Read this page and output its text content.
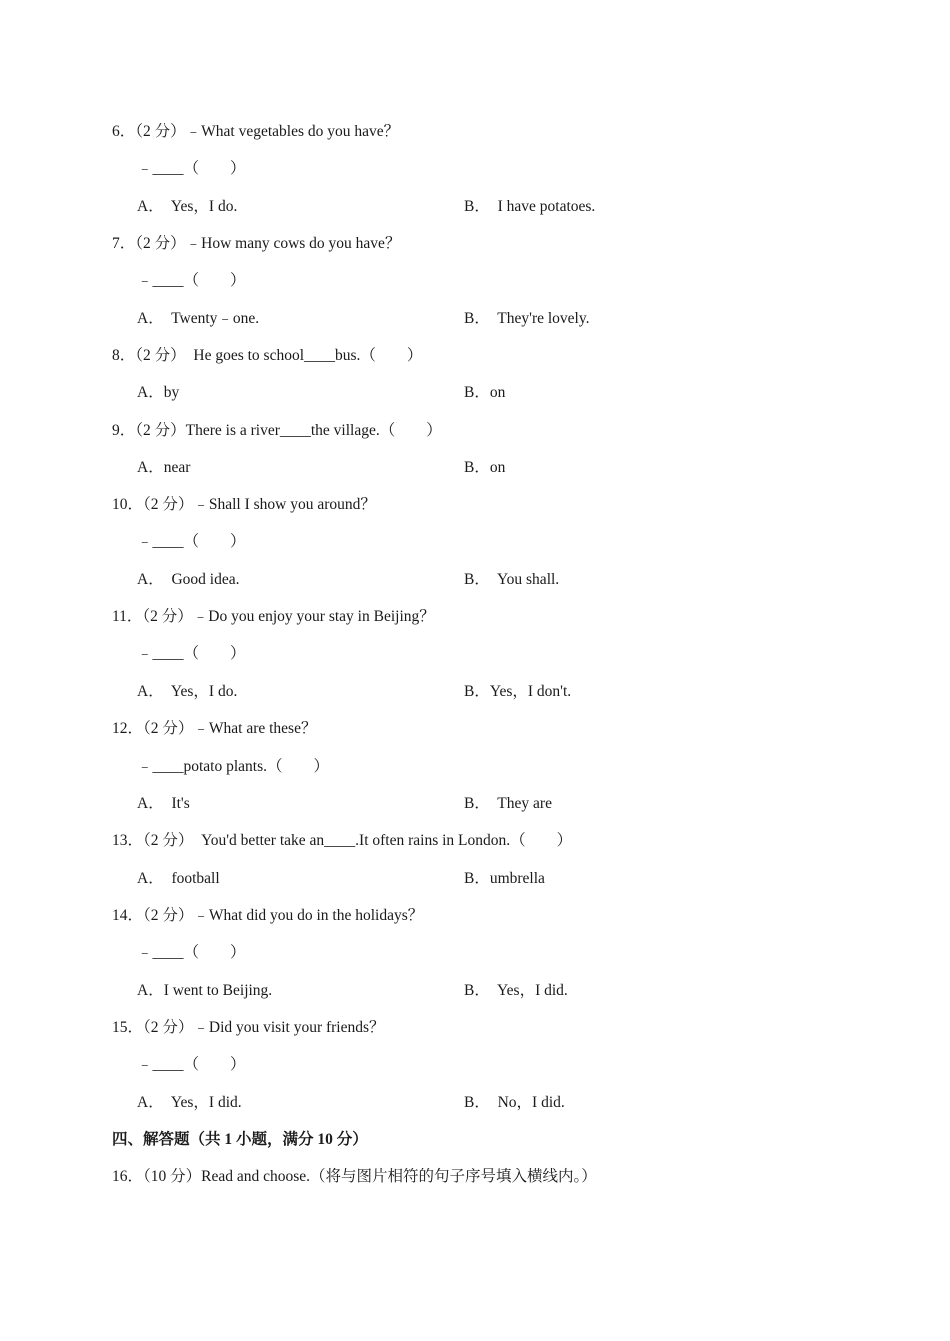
6．（2 分）﹣What vegetables do you have？
﹣____（　　）
A．  Yes，I do.	B．  I have potatoes.
7．（2 分）﹣How many cows do you have？
﹣____（　　）
A．  Twenty﹣one.	B．  They're lovely.
8．（2 分）  He goes to school____bus.（　　）
A．by	B．on
9．（2 分）There is a river____the village.（　　）
A．near	B．on
10．（2 分）﹣Shall I show you around？
﹣____（　　）
A．  Good idea.	B．  You shall.
11．（2 分）﹣Do you enjoy your stay in Beijing？
﹣____（　　）
A．  Yes，I do.	B．Yes，I don't.
12．（2 分）﹣What are these？
﹣____potato plants.（　　）
A．  It's	B．  They are
13．（2 分）  You'd better take an____.It often rains in London.（　　）
A．  football	B．umbrella
14．（2 分）﹣What did you do in the holidays？
﹣____（　　）
A．I went to Beijing.	B．  Yes，I did.
15．（2 分）﹣Did you visit your friends？
﹣____（　　）
A．  Yes，I did.	B．  No，I did.
四、解答题（共 1 小题，满分 10 分）
16．（10 分）Read and choose.（将与图片相符的句子序号填入横线内。）
